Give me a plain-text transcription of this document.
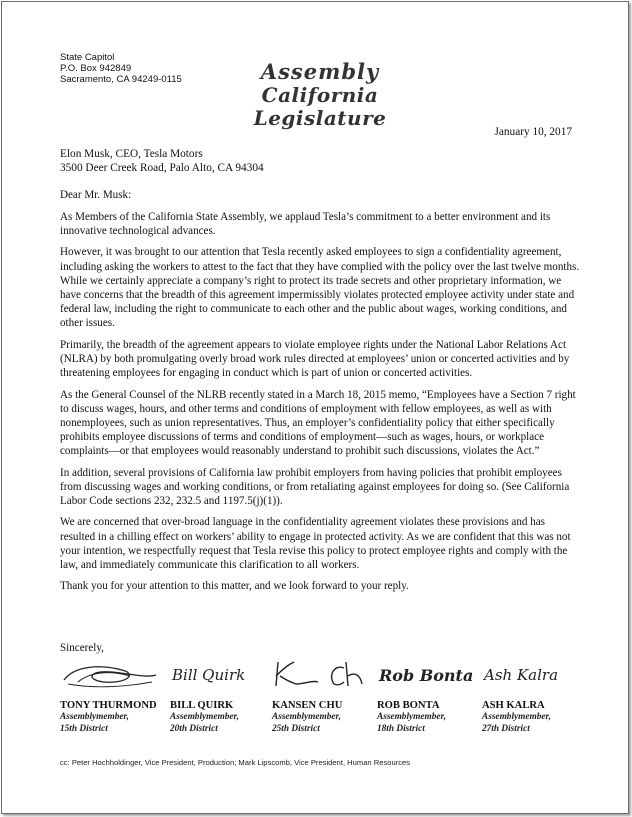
State Capitol
P.O. Box 942849
Sacramento, CA 94249-0115	Assembly
California Legislature
January 10, 2017
Elon Musk, CEO, Tesla Motors
3500 Deer Creek Road, Palo Alto, CA 94304

Dear Mr. Musk:

As Members of the California State Assembly, we applaud Tesla’s commitment to a better environment and its innovative technological advances.

However, it was brought to our attention that Tesla recently asked employees to sign a confidentiality agreement, including asking the workers to attest to the fact that they have complied with the policy over the last twelve months. While we certainly appreciate a company’s right to protect its trade secrets and other proprietary information, we have concerns that the breadth of this agreement impermissibly violates protected employee activity under state and federal law, including the right to communicate to each other and the public about wages, working conditions, and other issues.

Primarily, the breadth of the agreement appears to violate employee rights under the National Labor Relations Act (NLRA) by both promulgating overly broad work rules directed at employees’ union or concerted activities and by threatening employees for engaging in conduct which is part of union or concerted activities.

As the General Counsel of the NLRB recently stated in a March 18, 2015 memo, “Employees have a Section 7 right to discuss wages, hours, and other terms and conditions of employment with fellow employees, as well as with nonemployees, such as union representatives. Thus, an employer’s confidentiality policy that either specifically prohibits employee discussions of terms and conditions of employment—such as wages, hours, or workplace complaints—or that employees would reasonably understand to prohibit such discussions, violates the Act.”

In addition, several provisions of California law prohibit employers from having policies that prohibit employees from discussing wages and working conditions, or from retaliating against employees for doing so. (See California Labor Code sections 232, 232.5 and 1197.5(j)(1)).

We are concerned that over-broad language in the confidentiality agreement violates these provisions and has resulted in a chilling effect on workers’ ability to engage in protected activity. As we are confident that this was not your intention, we respectfully request that Tesla revise this policy to protect employee rights and comply with the law, and immediately communicate this clarification to all workers.

Thank you for your attention to this matter, and we look forward to your reply.

Sincerely,
TONY THURMOND
Assemblymember,
15th District
Bill Quirk
BILL QUIRK
Assemblymember,
20th District
KANSEN CHU
Assemblymember,
25th District
Rob Bonta
ROB BONTA
Assemblymember,
18th District
Ash Kalra
ASH KALRA
Assemblymember,
27th District
cc: Peter Hochholdinger, Vice President, Production; Mark Lipscomb, Vice President, Human Resources
